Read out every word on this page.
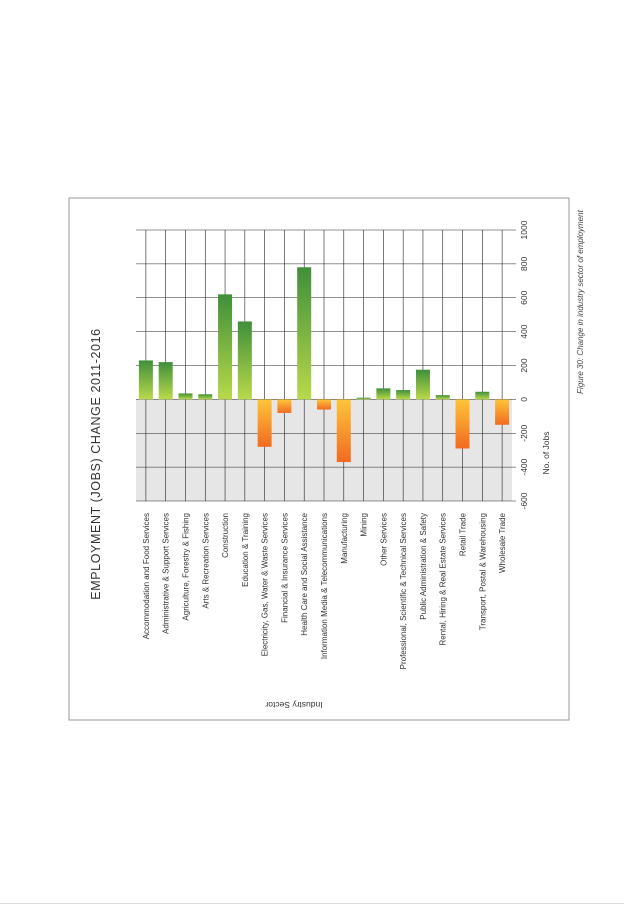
1000
800
600
400
200
0
-200
-400
-600
Accommodation and Food Services Administrative & Support Services Agriculture, Forestry & Fishing Arts & Recreation Services Construction Education & Training Electricity, Gas, Water & Waste Services Financial & Insurance Services Health Care and Social Assistance Information Media & Telecommunications Manufacturing Mining Other Services Professional, Scientific & Technical Services Public Administration & Safety Rental, Hiring & Real Estate Services Retail Trade Transport, Postal & Warehousing Wholesale Trade
EMPLOYMENT (JOBS) CHANGE 2011-2016	No. of Jobs
Industry Sector
Figure 30: Change in industry sector of employment
